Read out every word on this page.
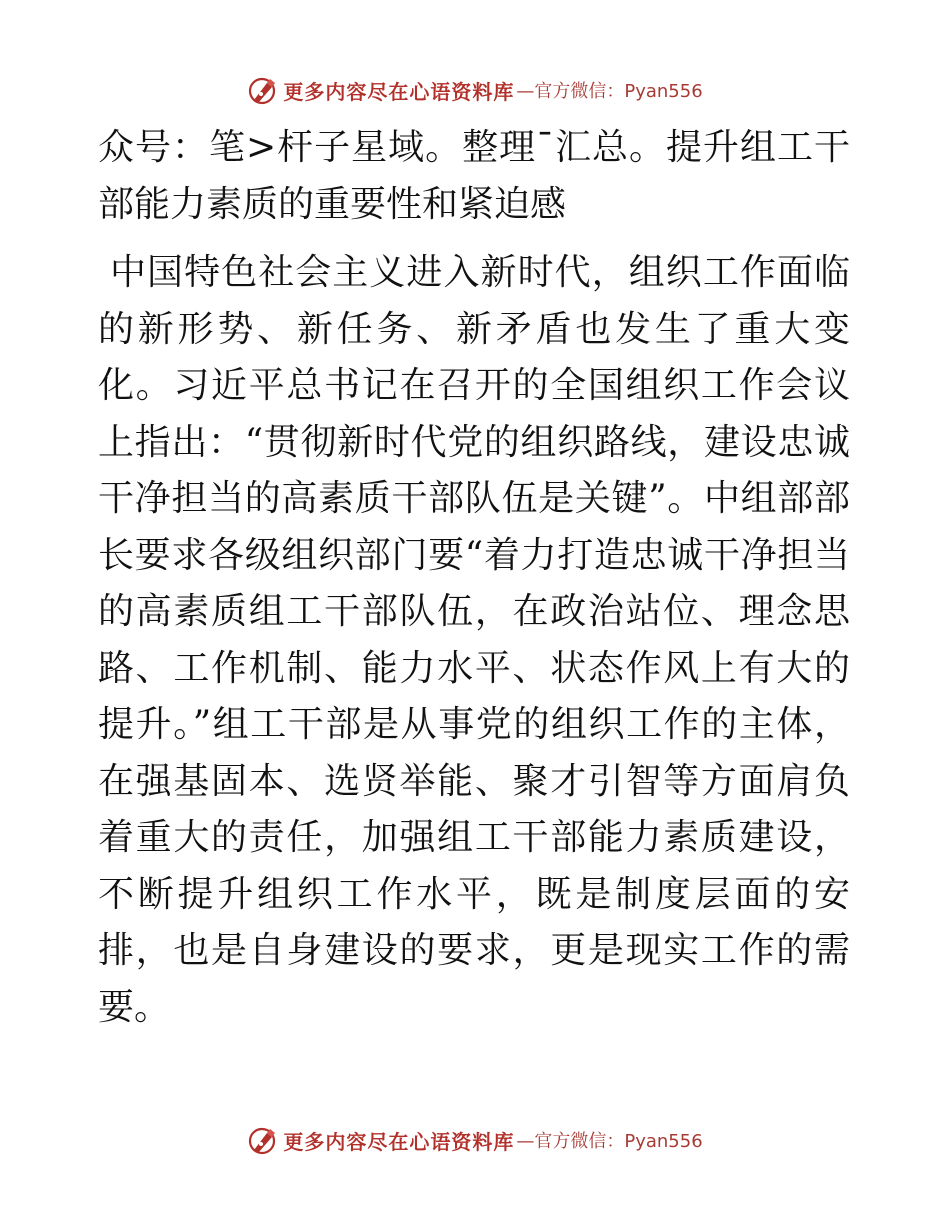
更多内容尽在心语资料库 —官方微信：Pyan556
众号：笔>杆子星域。整理¯汇总。提升组工干部能力素质的重要性和紧迫感

中国特色社会主义进入新时代，组织工作面临的新形势、新任务、新矛盾也发生了重大变化。习近平总书记在召开的全国组织工作会议上指出：“贯彻新时代党的组织路线，建设忠诚干净担当的高素质干部队伍是关键”。中组部部长要求各级组织部门要“着力打造忠诚干净担当的高素质组工干部队伍，在政治站位、理念思路、工作机制、能力水平、状态作风上有大的提升。”组工干部是从事党的组织工作的主体，在强基固本、选贤举能、聚才引智等方面肩负着重大的责任，加强组工干部能力素质建设，不断提升组织工作水平，既是制度层面的安排，也是自身建设的要求，更是现实工作的需要。

更多内容尽在心语资料库 —官方微信：Pyan556
